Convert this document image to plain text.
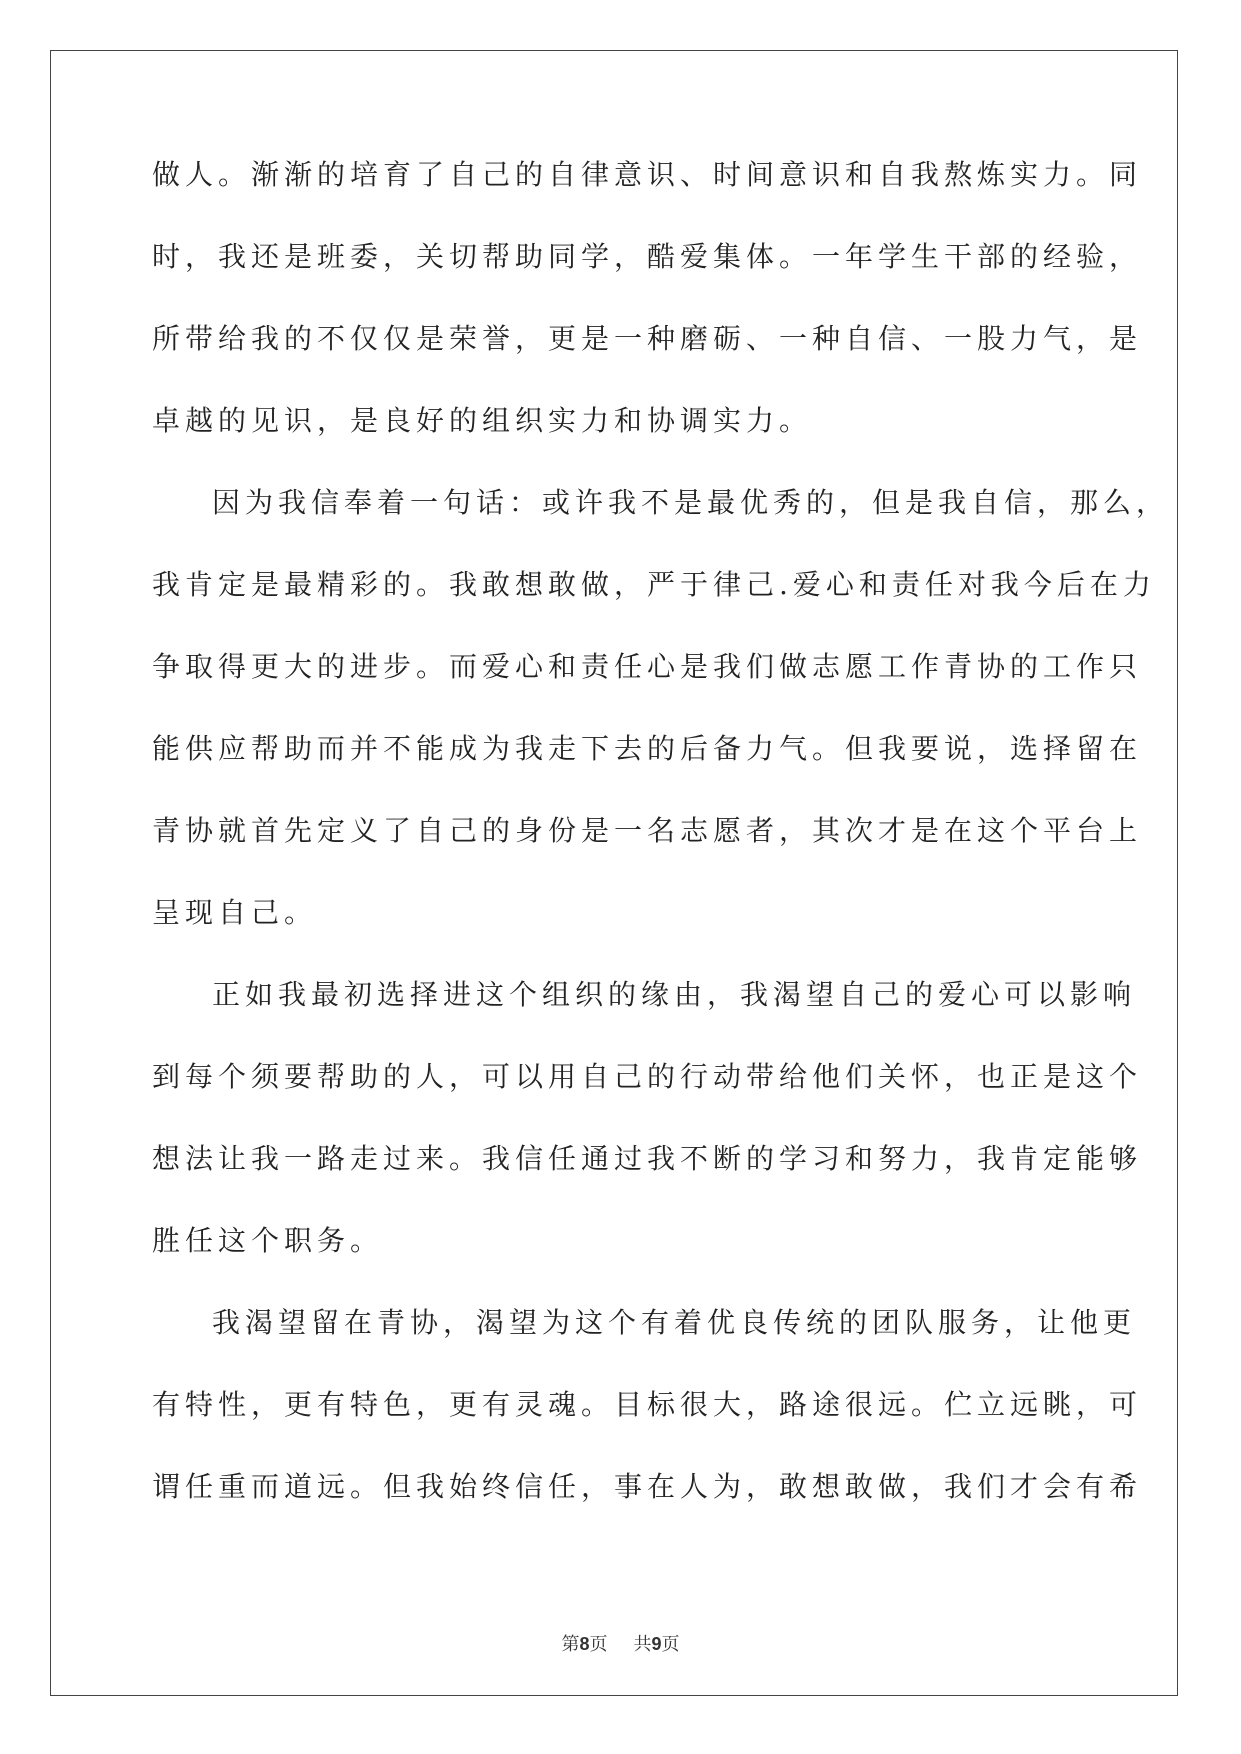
做人。渐渐的培育了自己的自律意识、时间意识和自我熬炼实力。同
时，我还是班委，关切帮助同学，酷爱集体。一年学生干部的经验，
所带给我的不仅仅是荣誉，更是一种磨砺、一种自信、一股力气，是
卓越的见识，是良好的组织实力和协调实力。
因为我信奉着一句话：或许我不是最优秀的，但是我自信，那么，
我肯定是最精彩的。我敢想敢做，严于律己.爱心和责任对我今后在力
争取得更大的进步。而爱心和责任心是我们做志愿工作青协的工作只
能供应帮助而并不能成为我走下去的后备力气。但我要说，选择留在
青协就首先定义了自己的身份是一名志愿者，其次才是在这个平台上
呈现自己。
正如我最初选择进这个组织的缘由，我渴望自己的爱心可以影响
到每个须要帮助的人，可以用自己的行动带给他们关怀，也正是这个
想法让我一路走过来。我信任通过我不断的学习和努力，我肯定能够
胜任这个职务。
我渴望留在青协，渴望为这个有着优良传统的团队服务，让他更
有特性，更有特色，更有灵魂。目标很大，路途很远。伫立远眺，可
谓任重而道远。但我始终信任，事在人为，敢想敢做，我们才会有希
第8页 共9页
